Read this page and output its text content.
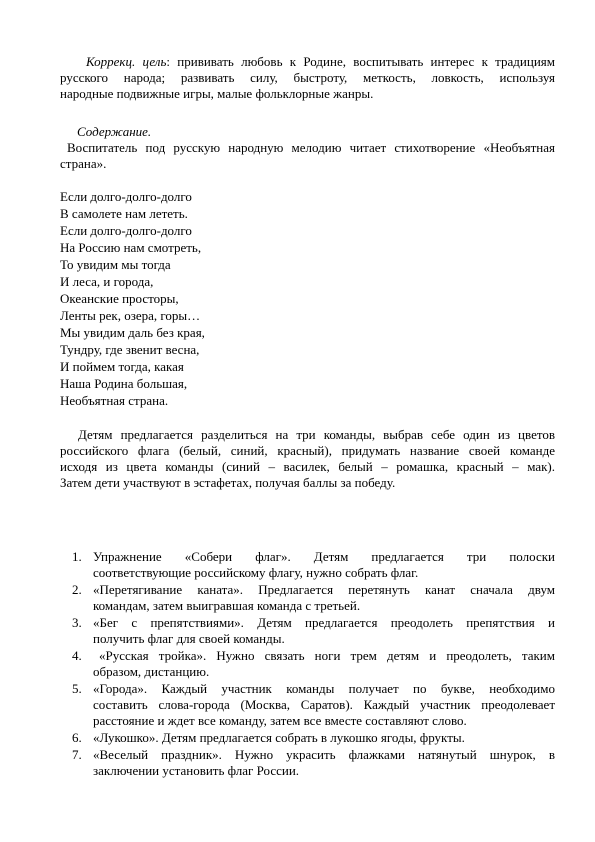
Коррекц. цель: прививать любовь к Родине, воспитывать интерес к традициям
русского народа; развивать силу, быстроту, меткость, ловкость, используя
народные подвижные игры, малые фольклорные жанры.
Содержание.
Воспитатель под русскую народную мелодию читает стихотворение «Необъятная
страна».
Если долго-долго-долго
В самолете нам лететь.
Если долго-долго-долго
На Россию нам смотреть,
То увидим мы тогда
И леса, и города,
Океанские просторы,
Ленты рек, озера, горы…
Мы увидим даль без края,
Тундру, где звенит весна,
И поймем тогда, какая
Наша Родина большая,
Необъятная страна.
Детям предлагается разделиться на три команды, выбрав себе один из цветов
российского флага (белый, синий, красный), придумать название своей команде
исходя из цвета команды (синий – василек, белый – ромашка, красный – мак).
Затем дети участвуют в эстафетах, получая баллы за победу.
1. Упражнение «Собери флаг». Детям предлагается три полоски
соответствующие российскому флагу, нужно собрать флаг.
2. «Перетягивание каната». Предлагается перетянуть канат сначала двум
командам, затем выигравшая команда с третьей.
3. «Бег с препятствиями». Детям предлагается преодолеть препятствия и
получить флаг для своей команды.
4.	«Русская тройка». Нужно связать ноги трем детям и преодолеть, таким
образом, дистанцию.
5. «Города». Каждый участник команды получает по букве, необходимо
составить слова-города (Москва, Саратов). Каждый участник преодолевает
расстояние и ждет все команду, затем все вместе составляют слово.
6. «Лукошко». Детям предлагается собрать в лукошко ягоды, фрукты.
7. «Веселый праздник». Нужно украсить флажками натянутый шнурок, в
заключении установить флаг России.
